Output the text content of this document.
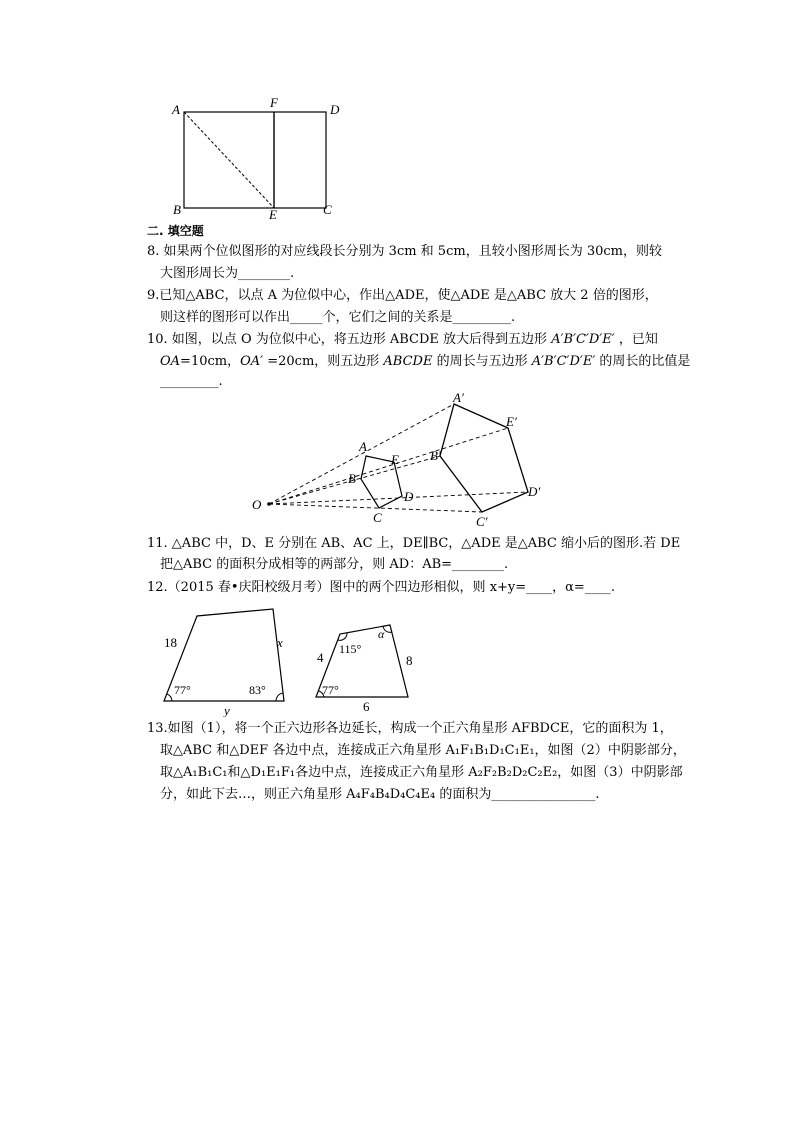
A	F	D
B	E	C
二. 填空题
8. 如果两个位似图形的对应线段长分别为 3cm 和 5cm，且较小图形周长为 30cm，则较
大图形周长为________.
9.已知△ABC，以点 A 为位似中心，作出△ADE，使△ADE 是△ABC 放大 2 倍的图形，
则这样的图形可以作出_____个，它们之间的关系是_________.
10. 如图，以点 O 为位似中心，将五边形 ABCDE 放大后得到五边形 A′B′C′D′E′ ，已知
OA=10cm，OA′ =20cm，则五边形 ABCDE 的周长与五边形 A′B′C′D′E′ 的周长的比值是
_________.
O
A
B
C
D
E
A′
B′
C′
D′
E′
11. △ABC 中，D、E 分别在 AB、AC 上，DE∥BC，△ADE 是△ABC 缩小后的图形.若 DE
把△ABC 的面积分成相等的两部分，则 AD：AB=________.
12.（2015 春•庆阳校级月考）图中的两个四边形相似，则 x+y=____，α=____.
18	x
y
77°	83°
4	8
6
77°
115°
α
13.如图（1），将一个正六边形各边延长，构成一个正六角星形 AFBDCE，它的面积为 1，
取△ABC 和△DEF 各边中点，连接成正六角星形 A₁F₁B₁D₁C₁E₁，如图（2）中阴影部分，
取△A₁B₁C₁和△D₁E₁F₁各边中点，连接成正六角星形 A₂F₂B₂D₂C₂E₂，如图（3）中阴影部
分，如此下去…，则正六角星形 A₄F₄B₄D₄C₄E₄ 的面积为________________.
